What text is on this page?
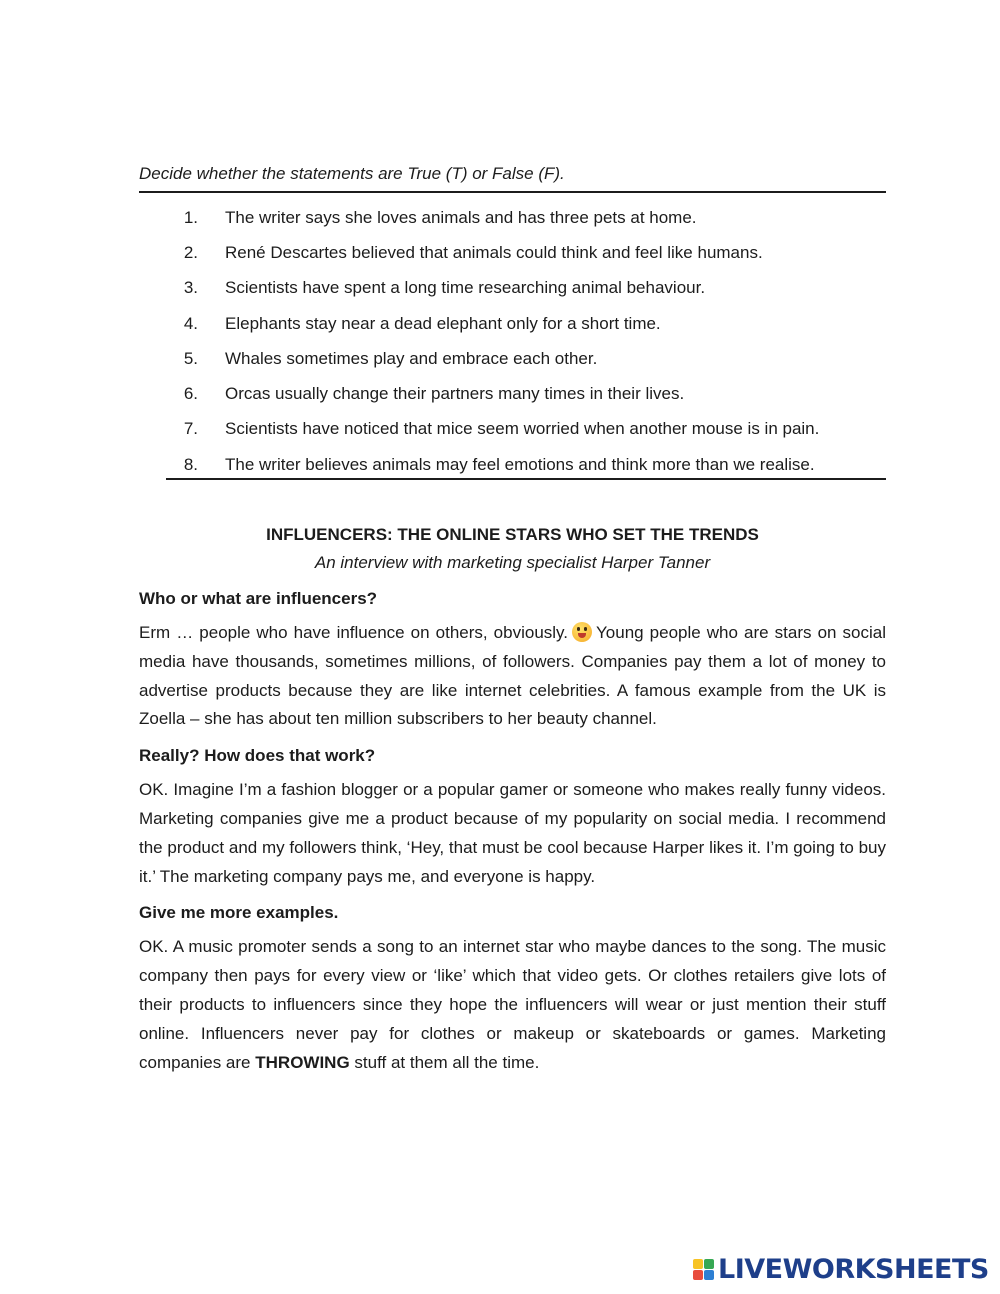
Decide whether the statements are True (T) or False (F).

1. The writer says she loves animals and has three pets at home.
2. René Descartes believed that animals could think and feel like humans.
3. Scientists have spent a long time researching animal behaviour.
4. Elephants stay near a dead elephant only for a short time.
5. Whales sometimes play and embrace each other.
6. Orcas usually change their partners many times in their lives.
7. Scientists have noticed that mice seem worried when another mouse is in pain.
8. The writer believes animals may feel emotions and think more than we realise.

INFLUENCERS: THE ONLINE STARS WHO SET THE TRENDS

An interview with marketing specialist Harper Tanner

Who or what are influencers?

Erm … people who have influence on others, obviously. Young people who are stars on social media have thousands, sometimes millions, of followers. Companies pay them a lot of money to advertise products because they are like internet celebrities. A famous example from the UK is Zoella – she has about ten million subscribers to her beauty channel.

Really? How does that work?

OK. Imagine I’m a fashion blogger or a popular gamer or someone who makes really funny videos. Marketing companies give me a product because of my popularity on social media. I recommend the product and my followers think, ‘Hey, that must be cool because Harper likes it. I’m going to buy it.’ The marketing company pays me, and everyone is happy.

Give me more examples.

OK. A music promoter sends a song to an internet star who maybe dances to the song. The music company then pays for every view or ‘like’ which that video gets. Or clothes retailers give lots of their products to influencers since they hope the influencers will wear or just mention their stuff online. Influencers never pay for clothes or makeup or skateboards or games. Marketing companies are THROWING stuff at them all the time.

LIVEWORKSHEETS
